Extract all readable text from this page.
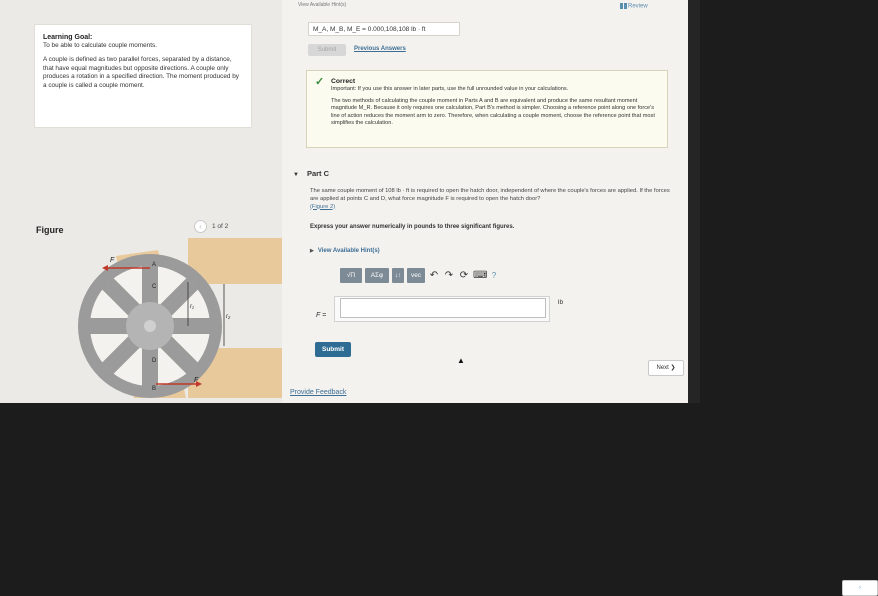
Learning Goal:
To be able to calculate couple moments.
A couple is defined as two parallel forces, separated by a distance, that have equal magnitudes but opposite directions. A couple only produces a rotation in a specified direction. The moment produced by a couple is called a couple moment.
Figure	‹	1 of 2
›
F
A
C
D
B
F
r₁
r₂
View Available Hint(s)	Review
M_A, M_B, M_E = 0.000,108,108 lb · ft
Submit	Previous Answers
✓ Correct
Important: If you use this answer in later parts, use the full unrounded value in your calculations.
The two methods of calculating the couple moment in Parts A and B are equivalent and produce the same resultant moment magnitude M_R. Because it only requires one calculation, Part B's method is simpler. Choosing a reference point along one force's line of action reduces the moment arm to zero. Therefore, when calculating a couple moment, choose the reference point that most simplifies the calculation.
▼ Part C
The same couple moment of 108 lb · ft is required to open the hatch door, independent of where the couple's forces are applied. If the forces are applied at points C and D, what force magnitude F is required to open the hatch door?
(Figure 2)
Express your answer numerically in pounds to three significant figures.
▶ View Available Hint(s)
√Π	AΣφ	↓↑	vec ↶ ↷ ⟳ ⌨ ?
F =
lb
Submit
Provide Feedback
Next ❯
▲
